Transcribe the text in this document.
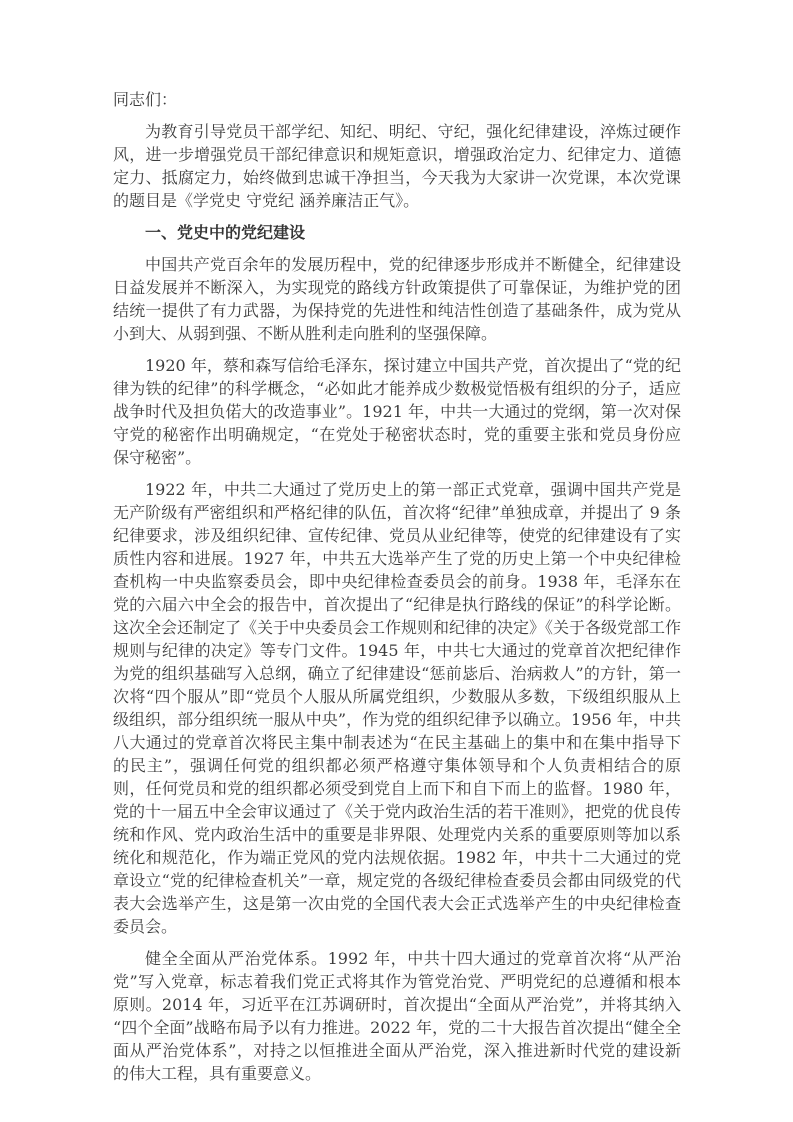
同志们：

为教育引导党员干部学纪、知纪、明纪、守纪，强化纪律建设，淬炼过硬作风，进一步增强党员干部纪律意识和规矩意识，增强政治定力、纪律定力、道德定力、抵腐定力，始终做到忠诚干净担当，今天我为大家讲一次党课，本次党课的题目是《学党史 守党纪 涵养廉洁正气》。

一、党史中的党纪建设

中国共产党百余年的发展历程中，党的纪律逐步形成并不断健全，纪律建设日益发展并不断深入，为实现党的路线方针政策提供了可靠保证，为维护党的团结统一提供了有力武器，为保持党的先进性和纯洁性创造了基础条件，成为党从小到大、从弱到强、不断从胜利走向胜利的坚强保障。

1920 年，蔡和森写信给毛泽东，探讨建立中国共产党，首次提出了“党的纪律为铁的纪律”的科学概念，“必如此才能养成少数极觉悟极有组织的分子，适应战争时代及担负偌大的改造事业”。1921 年，中共一大通过的党纲，第一次对保守党的秘密作出明确规定，“在党处于秘密状态时，党的重要主张和党员身份应保守秘密”。

1922 年，中共二大通过了党历史上的第一部正式党章，强调中国共产党是无产阶级有严密组织和严格纪律的队伍，首次将“纪律”单独成章，并提出了 9 条纪律要求，涉及组织纪律、宣传纪律、党员从业纪律等，使党的纪律建设有了实质性内容和进展。1927 年，中共五大选举产生了党的历史上第一个中央纪律检查机构一中央监察委员会，即中央纪律检查委员会的前身。1938 年，毛泽东在党的六届六中全会的报告中，首次提出了“纪律是执行路线的保证”的科学论断。这次全会还制定了《关于中央委员会工作规则和纪律的决定》《关于各级党部工作规则与纪律的决定》等专门文件。1945 年，中共七大通过的党章首次把纪律作为党的组织基础写入总纲，确立了纪律建设“惩前毖后、治病救人”的方针，第一次将“四个服从”即“党员个人服从所属党组织，少数服从多数，下级组织服从上级组织，部分组织统一服从中央”，作为党的组织纪律予以确立。1956 年，中共八大通过的党章首次将民主集中制表述为“在民主基础上的集中和在集中指导下的民主”，强调任何党的组织都必须严格遵守集体领导和个人负责相结合的原则，任何党员和党的组织都必须受到党自上而下和自下而上的监督。1980 年，党的十一届五中全会审议通过了《关于党内政治生活的若干准则》，把党的优良传统和作风、党内政治生活中的重要是非界限、处理党内关系的重要原则等加以系统化和规范化，作为端正党风的党内法规依据。1982 年，中共十二大通过的党章设立“党的纪律检查机关”一章，规定党的各级纪律检查委员会都由同级党的代表大会选举产生，这是第一次由党的全国代表大会正式选举产生的中央纪律检查委员会。

健全全面从严治党体系。1992 年，中共十四大通过的党章首次将“从严治党”写入党章，标志着我们党正式将其作为管党治党、严明党纪的总遵循和根本原则。2014 年，习近平在江苏调研时，首次提出“全面从严治党”，并将其纳入“四个全面”战略布局予以有力推进。2022 年，党的二十大报告首次提出“健全全面从严治党体系”，对持之以恒推进全面从严治党，深入推进新时代党的建设新的伟大工程，具有重要意义。
